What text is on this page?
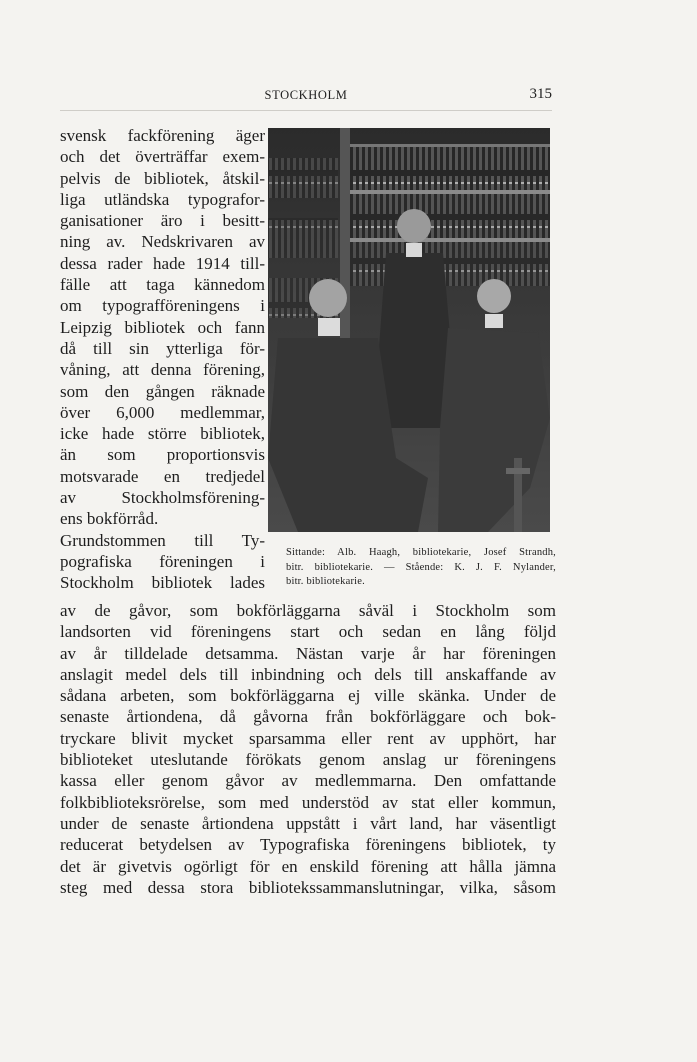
STOCKHOLM	315
svensk fackförening äger
och det överträffar exem-
pelvis de bibliotek, åtskil-
liga utländska typografor-
ganisationer äro i besitt-
ning av. Nedskrivaren av
dessa rader hade 1914 till-
fälle att taga kännedom
om typografföreningens i
Leipzig bibliotek och fann
då till sin ytterliga för-
våning, att denna förening,
som den gången räknade
över 6,000 medlemmar,
icke hade större bibliotek,
än som proportionsvis
motsvarade en tredjedel
av Stockholmsförening-
ens bokförråd.
Grundstommen till Ty-
pografiska föreningen i
Stockholm bibliotek lades
Sittande: Alb. Haagh, bibliotekarie, Josef Strandh,
bitr. bibliotekarie. — Stående: K. J. F. Nylander,
bitr. bibliotekarie.
av de gåvor, som bokförläggarna såväl i Stockholm som
landsorten vid föreningens start och sedan en lång följd
av år tilldelade detsamma. Nästan varje år har föreningen
anslagit medel dels till inbindning och dels till anskaffande av
sådana arbeten, som bokförläggarna ej ville skänka. Under de
senaste årtiondena, då gåvorna från bokförläggare och bok-
tryckare blivit mycket sparsamma eller rent av upphört, har
biblioteket uteslutande förökats genom anslag ur föreningens
kassa eller genom gåvor av medlemmarna. Den omfattande
folkbiblioteksrörelse, som med understöd av stat eller kommun,
under de senaste årtiondena uppstått i vårt land, har väsentligt
reducerat betydelsen av Typografiska föreningens bibliotek, ty
det är givetvis ogörligt för en enskild förening att hålla jämna
steg med dessa stora bibliotekssammanslutningar, vilka, såsom
